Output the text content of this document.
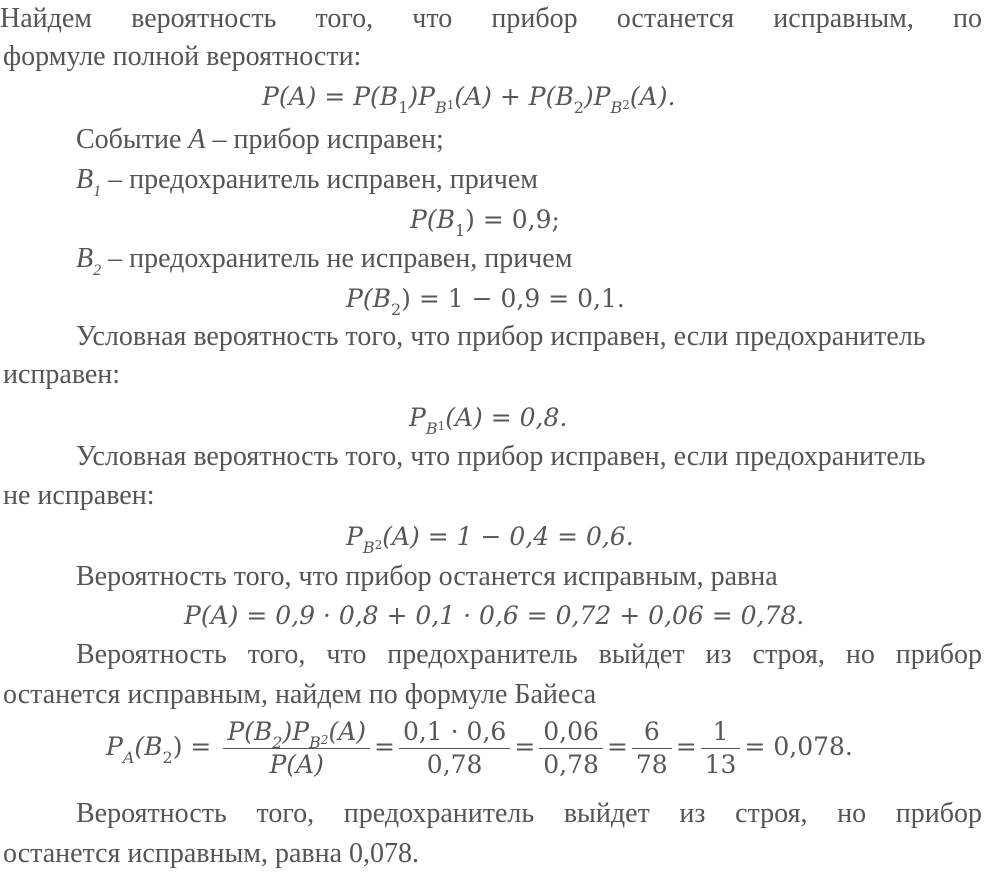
Найдем вероятность того, что прибор останется исправным, по
формуле полной вероятности:
$P(A) = P(B_1)P_B1(A) + P(B_2)P_B2(A)$.
Событие A – прибор исправен;
$B_1$ – предохранитель исправен, причем
$P(B_1) = 0,9$;
$B_2$ – предохранитель не исправен, причем
$P(B_2) = 1 - 0,9 = 0,1$.
Условная вероятность того, что прибор исправен, если предохранитель
исправен:
$P_B1(A) = 0,8$.
Условная вероятность того, что прибор исправен, если предохранитель
не исправен:
$P_B2(A) = 1 - 0,4 = 0,6$.
Вероятность того, что прибор останется исправным, равна
P(A) = 0,9 · 0,8 + 0,1 · 0,6 = 0,72 + 0,06 = 0,78.
Вероятность того, что предохранитель выйдет из строя, но прибор
останется исправным, найдем по формуле Байеса
$P_A(B_2) = \frac{P(B_2)P_B2(A)}{P(A)} = \frac{0,1 \cdot 0,6}{0,78} = \frac{0,06}{0,78} = \frac{6}{78} = \frac{1}{13} = 0,078$.
Вероятность того, предохранитель выйдет из строя, но прибор
останется исправным, равна 0,078.
